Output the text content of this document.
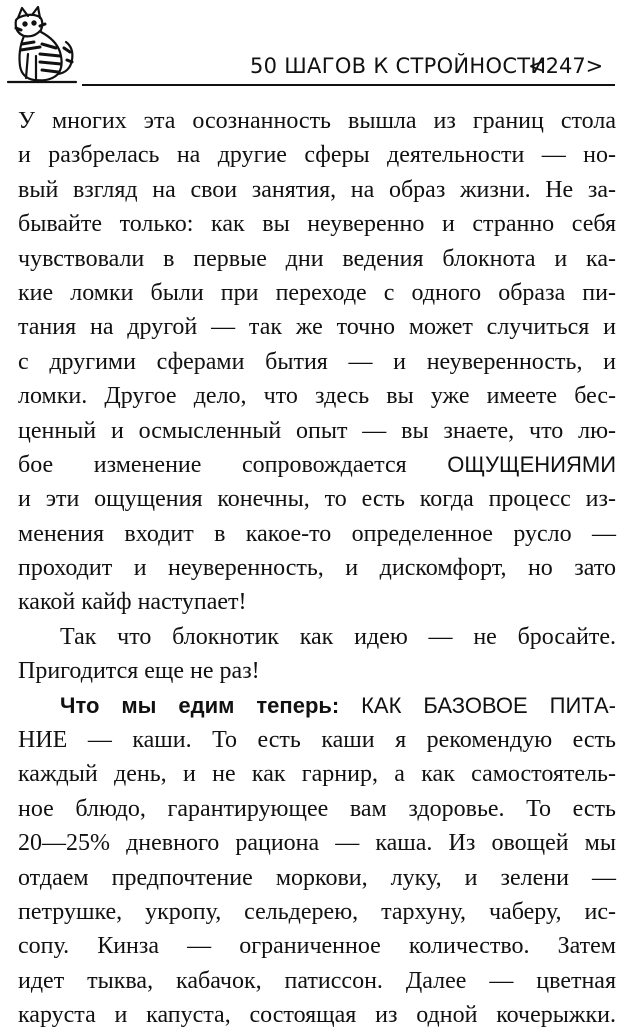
50 ШАГОВ К СТРОЙНОСТИ
<247>
У многих эта осознанность вышла из границ стола
и разбрелась на другие сферы деятельности — но-
вый взгляд на свои занятия, на образ жизни. Не за-
бывайте только: как вы неуверенно и странно себя
чувствовали в первые дни ведения блокнота и ка-
кие ломки были при переходе с одного образа пи-
тания на другой — так же точно может случиться и
с другими сферами бытия — и неуверенность, и
ломки. Другое дело, что здесь вы уже имеете бес-
ценный и осмысленный опыт — вы знаете, что лю-
бое изменение сопровождается ОЩУЩЕНИЯМИ
и эти ощущения конечны, то есть когда процесс из-
менения входит в какое-то определенное русло —
проходит и неуверенность, и дискомфорт, но зато
какой кайф наступает!
Так что блокнотик как идею — не бросайте.
Пригодится еще не раз!
Что мы едим теперь: КАК БАЗОВОЕ ПИТА-
НИЕ — каши. То есть каши я рекомендую есть
каждый день, и не как гарнир, а как самостоятель-
ное блюдо, гарантирующее вам здоровье. То есть
20—25% дневного рациона — каша. Из овощей мы
отдаем предпочтение моркови, луку, и зелени —
петрушке, укропу, сельдерею, тархуну, чаберу, ис-
сопу. Кинза — ограниченное количество. Затем
идет тыква, кабачок, патиссон. Далее — цветная
каруста и капуста, состоящая из одной кочерыжки.
